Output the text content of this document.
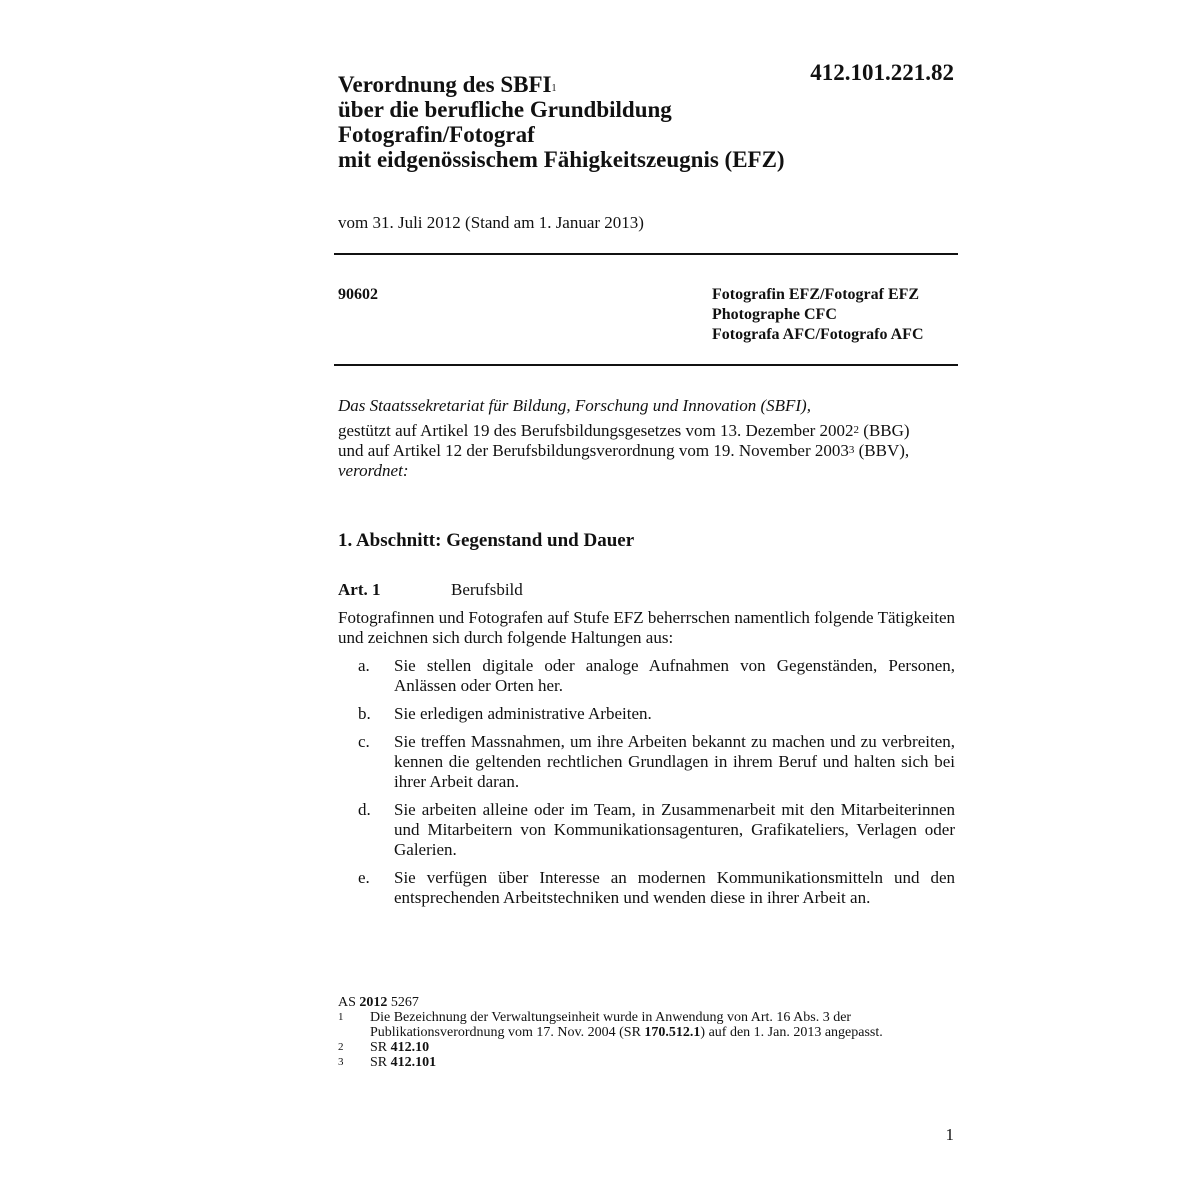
412.101.221.82
Verordnung des SBFI$^1$
über die berufliche Grundbildung
Fotografin/Fotograf
mit eidgenössischem Fähigkeitszeugnis (EFZ)
vom 31. Juli 2012 (Stand am 1. Januar 2013)
90602	Fotografin EFZ/Fotograf EFZ
Photographe CFC
Fotografa AFC/Fotografo AFC
Das Staatssekretariat für Bildung, Forschung und Innovation (SBFI),
gestützt auf Artikel 19 des Berufsbildungsgesetzes vom 13. Dezember 2002$^2$ (BBG)
und auf Artikel 12 der Berufsbildungsverordnung vom 19. November 2003$^3$ (BBV),
verordnet:
1. Abschnitt: Gegenstand und Dauer
Art. 1	Berufsbild
Fotografinnen und Fotografen auf Stufe EFZ beherrschen namentlich folgende Tätigkeiten und zeichnen sich durch folgende Haltungen aus:
a.	Sie stellen digitale oder analoge Aufnahmen von Gegenständen, Personen, Anlässen oder Orten her.
b.	Sie erledigen administrative Arbeiten.
c.	Sie treffen Massnahmen, um ihre Arbeiten bekannt zu machen und zu verbreiten, kennen die geltenden rechtlichen Grundlagen in ihrem Beruf und halten sich bei ihrer Arbeit daran.
d.	Sie arbeiten alleine oder im Team, in Zusammenarbeit mit den Mitarbeiterinnen und Mitarbeitern von Kommunikationsagenturen, Grafikateliers, Verlagen oder Galerien.
e.	Sie verfügen über Interesse an modernen Kommunikationsmitteln und den entsprechenden Arbeitstechniken und wenden diese in ihrer Arbeit an.
AS 2012 5267
1	Die Bezeichnung der Verwaltungseinheit wurde in Anwendung von Art. 16 Abs. 3 der Publikationsverordnung vom 17. Nov. 2004 (SR 170.512.1) auf den 1. Jan. 2013 angepasst.
2	SR 412.10
3	SR 412.101
1
